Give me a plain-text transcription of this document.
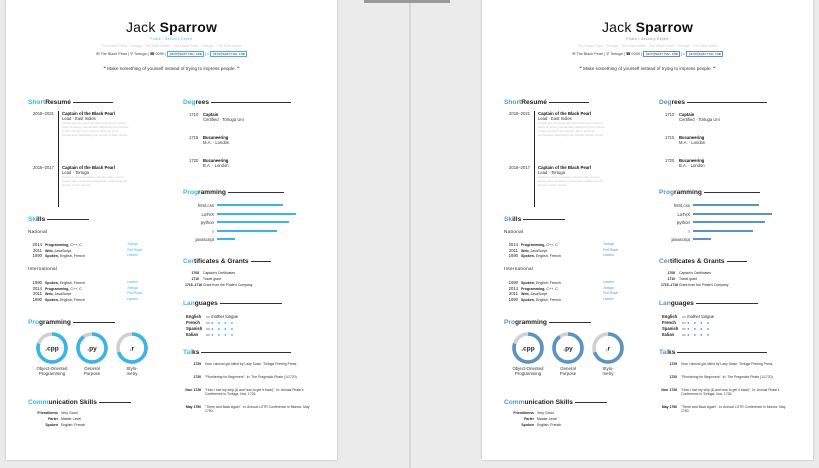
Jack Sparrow
Pirate ▪ Security Expert
The Black Pearl · Tortuga · The East Indies · The Black Pearl · Tortuga · The East Indies
✉ The Black Pearl | ⚲ Tortuga | ☎ 0099 | jack@sparrow.com | ⌂ jack@sparrow.com
❝ Make something of yourself instead of trying to impress people. ❞
Short Resumé
2018–2021 Captain of the Black Pearl
Lead · East Indies
Finally got the good old ship back.Lorem ipsum dolor sit amet, consectetur adipiscing elit. Donec a diam lectus.Lorem ipsum dolor sit amet, consectetur adipiscing elit. Donec a diam lectus.
2016–2017 Captain of the Black Pearl
Lead · Tortuga
Found a secret treasure, lost the ship. Lorem ipsum dolor sit amet, consectetur adipiscing elit. Donec a diam lectus.
Sk ills
National
2014 Programming, C++, C	Tortuga
2011 Web, JavaScript	Port Royal
1690 Spoken, English, French	London
International
1690 Spoken, English, French	London
2014 Programming, C++, C	Tortuga
2011 Web, JavaScript	Port Royal
1690 Spoken, English, French	London
Pro gramming
.cpp
Object-Oriented
Programming
.py
General
Purpose
.r
Stylo-
metry
Comm unication Skills
Friendliness Very Good
Parler Master Level
Spoken English, French
Deg rees
1710 Captain
Certified · Tortuga Uni
1715 Bucaneering
M.A. · London
1720 Bucaneering
B.A. · London
Prog ramming
html,css
LaTeX
python
r
javascript
Cer tificates & Grants
1708 Captain's Certificates
1710 Travel grant
1715–1716Grant from the Pirate's Company
Lan guages
English ▭ mother tongue
French ▭ ● ● ● ●
Spanish ▭ ● ● ● ●
Italian ▭ ● ● ● ●
Tal ks
1729 How I almost got killed by Lady Swan. Tortuga Printing Press.
1720 "Plundering for Beginners". In: The Pragmatic Pirate (1/1720).
Nov. 1726 "How I lost my ship (& and how to get it back)". In: Annual Pirate's Conference in Tortuga. Nov. 1726.
May 1750 "There and Back Again". In: Annual LOTR Conference in Mordor. May 1750.
Jack Sparrow
Pirate ▪ Security Expert
The Black Pearl · Tortuga · The East Indies · The Black Pearl · Tortuga · The East Indies
✉ The Black Pearl | ⚲ Tortuga | ☎ 0099 | jack@sparrow.com | ⌂ jack@sparrow.com
❝ Make something of yourself instead of trying to impress people. ❞
Short Resumé
2018–2021 Captain of the Black Pearl
Lead · East Indies
Finally got the good old ship back.Lorem ipsum dolor sit amet, consectetur adipiscing elit. Donec a diam lectus.Lorem ipsum dolor sit amet, consectetur adipiscing elit. Donec a diam lectus.
2016–2017 Captain of the Black Pearl
Lead · Tortuga
Found a secret treasure, lost the ship. Lorem ipsum dolor sit amet, consectetur adipiscing elit. Donec a diam lectus.
Sk ills
National
2014 Programming, C++, C	Tortuga
2011 Web, JavaScript	Port Royal
1690 Spoken, English, French	London
International
1690 Spoken, English, French	London
2014 Programming, C++, C	Tortuga
2011 Web, JavaScript	Port Royal
1690 Spoken, English, French	London
Pro gramming
.cpp
Object-Oriented
Programming
.py
General
Purpose
.r
Stylo-
metry
Comm unication Skills
Friendliness Very Good
Parler Master Level
Spoken English, French
Deg rees
1710 Captain
Certified · Tortuga Uni
1715 Bucaneering
M.A. · London
1720 Bucaneering
B.A. · London
Prog ramming
html,css
LaTeX
python
r
javascript
Cer tificates & Grants
1708 Captain's Certificates
1710 Travel grant
1715–1716Grant from the Pirate's Company
Lan guages
English ▭ mother tongue
French ▭ ● ● ● ●
Spanish ▭ ● ● ● ●
Italian ▭ ● ● ● ●
Tal ks
1729 How I almost got killed by Lady Swan. Tortuga Printing Press.
1720 "Plundering for Beginners". In: The Pragmatic Pirate (1/1720).
Nov. 1726 "How I lost my ship (& and how to get it back)". In: Annual Pirate's Conference in Tortuga. Nov. 1726.
May 1750 "There and Back Again". In: Annual LOTR Conference in Mordor. May 1750.
